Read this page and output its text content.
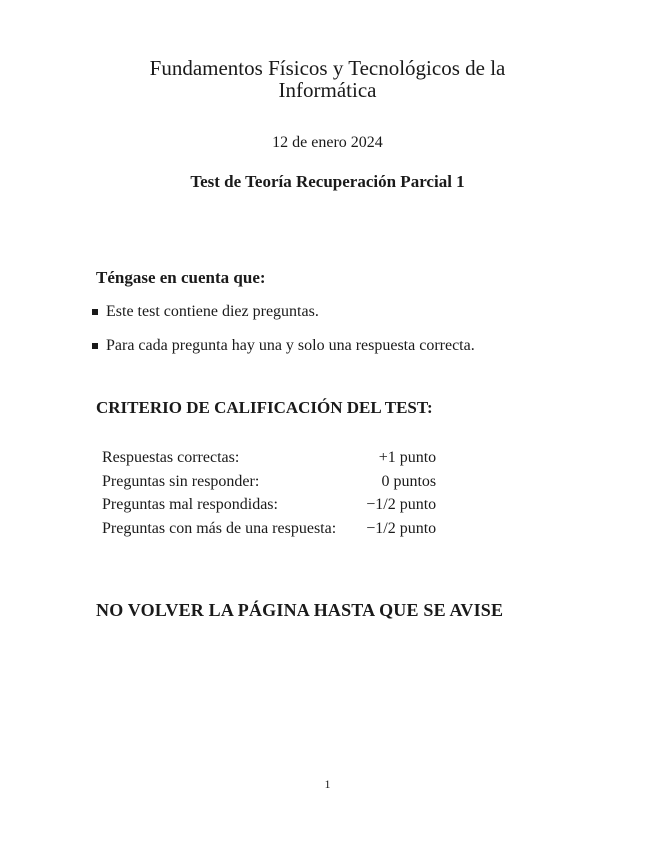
Fundamentos Físicos y Tecnológicos de la
Informática
12 de enero 2024
Test de Teoría Recuperación Parcial 1
Téngase en cuenta que:
Este test contiene diez preguntas.
Para cada pregunta hay una y solo una respuesta correcta.
CRITERIO DE CALIFICACIÓN DEL TEST:
Respuestas correctas:	+1 punto
Preguntas sin responder:	0 puntos
Preguntas mal respondidas:	−1/2 punto
Preguntas con más de una respuesta:	−1/2 punto
NO VOLVER LA PÁGINA HASTA QUE SE AVISE
1
